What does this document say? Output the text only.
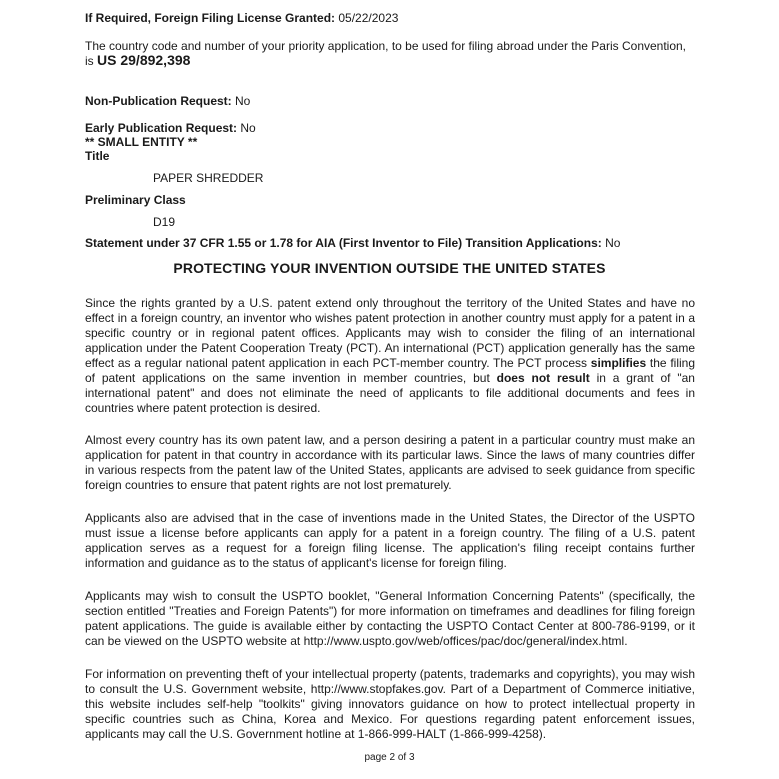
If Required, Foreign Filing License Granted: 05/22/2023
The country code and number of your priority application, to be used for filing abroad under the Paris Convention,
is US 29/892,398
Non-Publication Request: No
Early Publication Request: No
** SMALL ENTITY **
Title
PAPER SHREDDER
Preliminary Class
D19
Statement under 37 CFR 1.55 or 1.78 for AIA (First Inventor to File) Transition Applications: No
PROTECTING YOUR INVENTION OUTSIDE THE UNITED STATES
Since the rights granted by a U.S. patent extend only throughout the territory of the United States and have no effect in a foreign country, an inventor who wishes patent protection in another country must apply for a patent in a specific country or in regional patent offices. Applicants may wish to consider the filing of an international application under the Patent Cooperation Treaty (PCT). An international (PCT) application generally has the same effect as a regular national patent application in each PCT-member country. The PCT process simplifies the filing of patent applications on the same invention in member countries, but does not result in a grant of "an international patent" and does not eliminate the need of applicants to file additional documents and fees in countries where patent protection is desired.
Almost every country has its own patent law, and a person desiring a patent in a particular country must make an application for patent in that country in accordance with its particular laws. Since the laws of many countries differ in various respects from the patent law of the United States, applicants are advised to seek guidance from specific foreign countries to ensure that patent rights are not lost prematurely.
Applicants also are advised that in the case of inventions made in the United States, the Director of the USPTO must issue a license before applicants can apply for a patent in a foreign country. The filing of a U.S. patent application serves as a request for a foreign filing license. The application's filing receipt contains further information and guidance as to the status of applicant's license for foreign filing.
Applicants may wish to consult the USPTO booklet, "General Information Concerning Patents" (specifically, the section entitled "Treaties and Foreign Patents") for more information on timeframes and deadlines for filing foreign patent applications. The guide is available either by contacting the USPTO Contact Center at 800-786-9199, or it can be viewed on the USPTO website at http://www.uspto.gov/web/offices/pac/doc/general/index.html.
For information on preventing theft of your intellectual property (patents, trademarks and copyrights), you may wish to consult the U.S. Government website, http://www.stopfakes.gov. Part of a Department of Commerce initiative, this website includes self-help "toolkits" giving innovators guidance on how to protect intellectual property in specific countries such as China, Korea and Mexico. For questions regarding patent enforcement issues, applicants may call the U.S. Government hotline at 1-866-999-HALT (1-866-999-4258).
page 2 of 3
